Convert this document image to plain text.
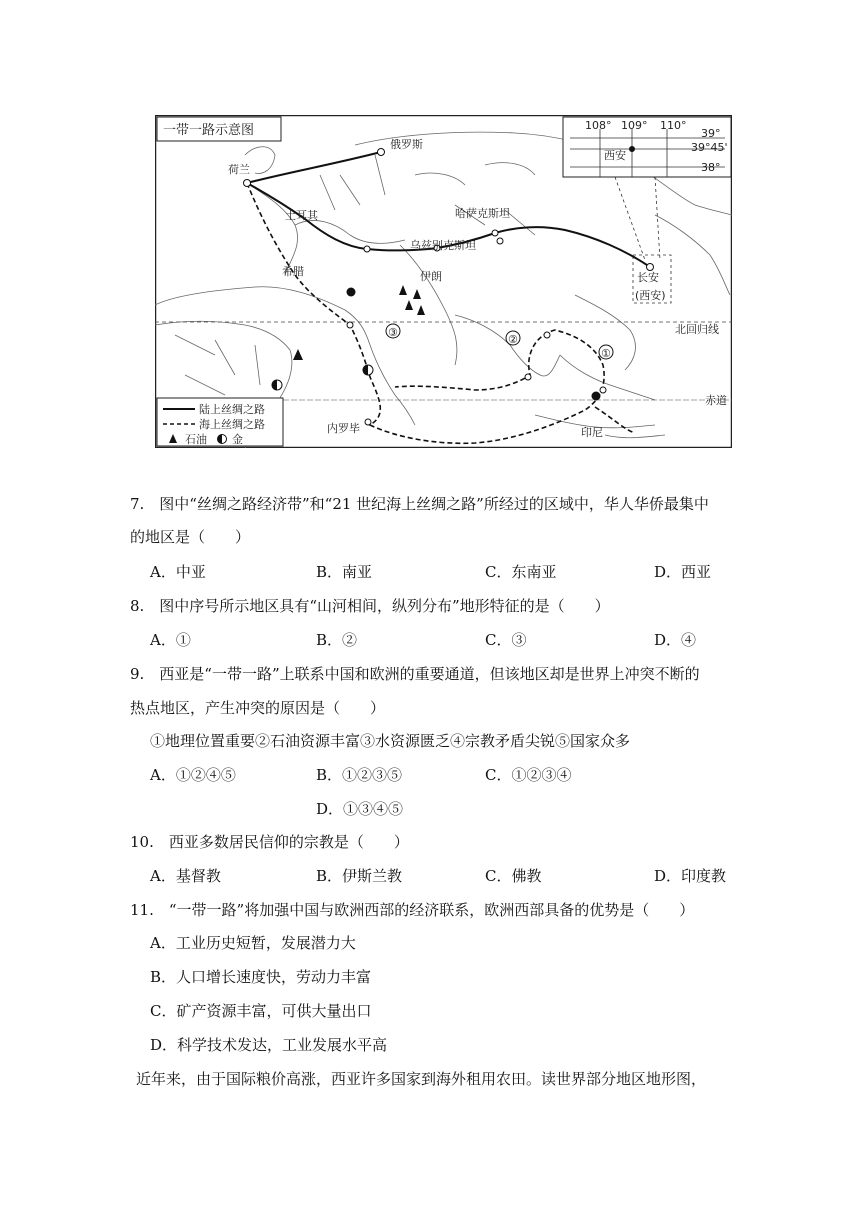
一带一路示意图	108° 109° 110°
39°
39°45'
38°
西安
俄罗斯
荷兰
土耳其	哈萨克斯坦
乌兹别克斯坦
伊朗
希腊	长安
(西安)
北回归线
赤道
印尼
内罗毕
①
②
③
陆上丝绸之路
海上丝绸之路
石油 金
7.　图中“丝绸之路经济带”和“21 世纪海上丝绸之路”所经过的区域中，华人华侨最集中
的地区是（　　）
A．中亚	B．南亚	C．东南亚	D．西亚
8.　图中序号所示地区具有“山河相间，纵列分布”地形特征的是（　　）
A．①	B．②	C．③	D．④
9.　西亚是“一带一路”上联系中国和欧洲的重要通道，但该地区却是世界上冲突不断的
热点地区，产生冲突的原因是（　　）
①地理位置重要②石油资源丰富③水资源匮乏④宗教矛盾尖锐⑤国家众多
A．①②④⑤	B．①②③⑤	C．①②③④
D．①③④⑤
10.　西亚多数居民信仰的宗教是（　　）
A．基督教	B．伊斯兰教	C．佛教	D．印度教
11.　“一带一路”将加强中国与欧洲西部的经济联系，欧洲西部具备的优势是（　　）
A．工业历史短暂，发展潜力大
B．人口增长速度快，劳动力丰富
C．矿产资源丰富，可供大量出口
D．科学技术发达，工业发展水平高
近年来，由于国际粮价高涨，西亚许多国家到海外租用农田。读世界部分地区地形图，
